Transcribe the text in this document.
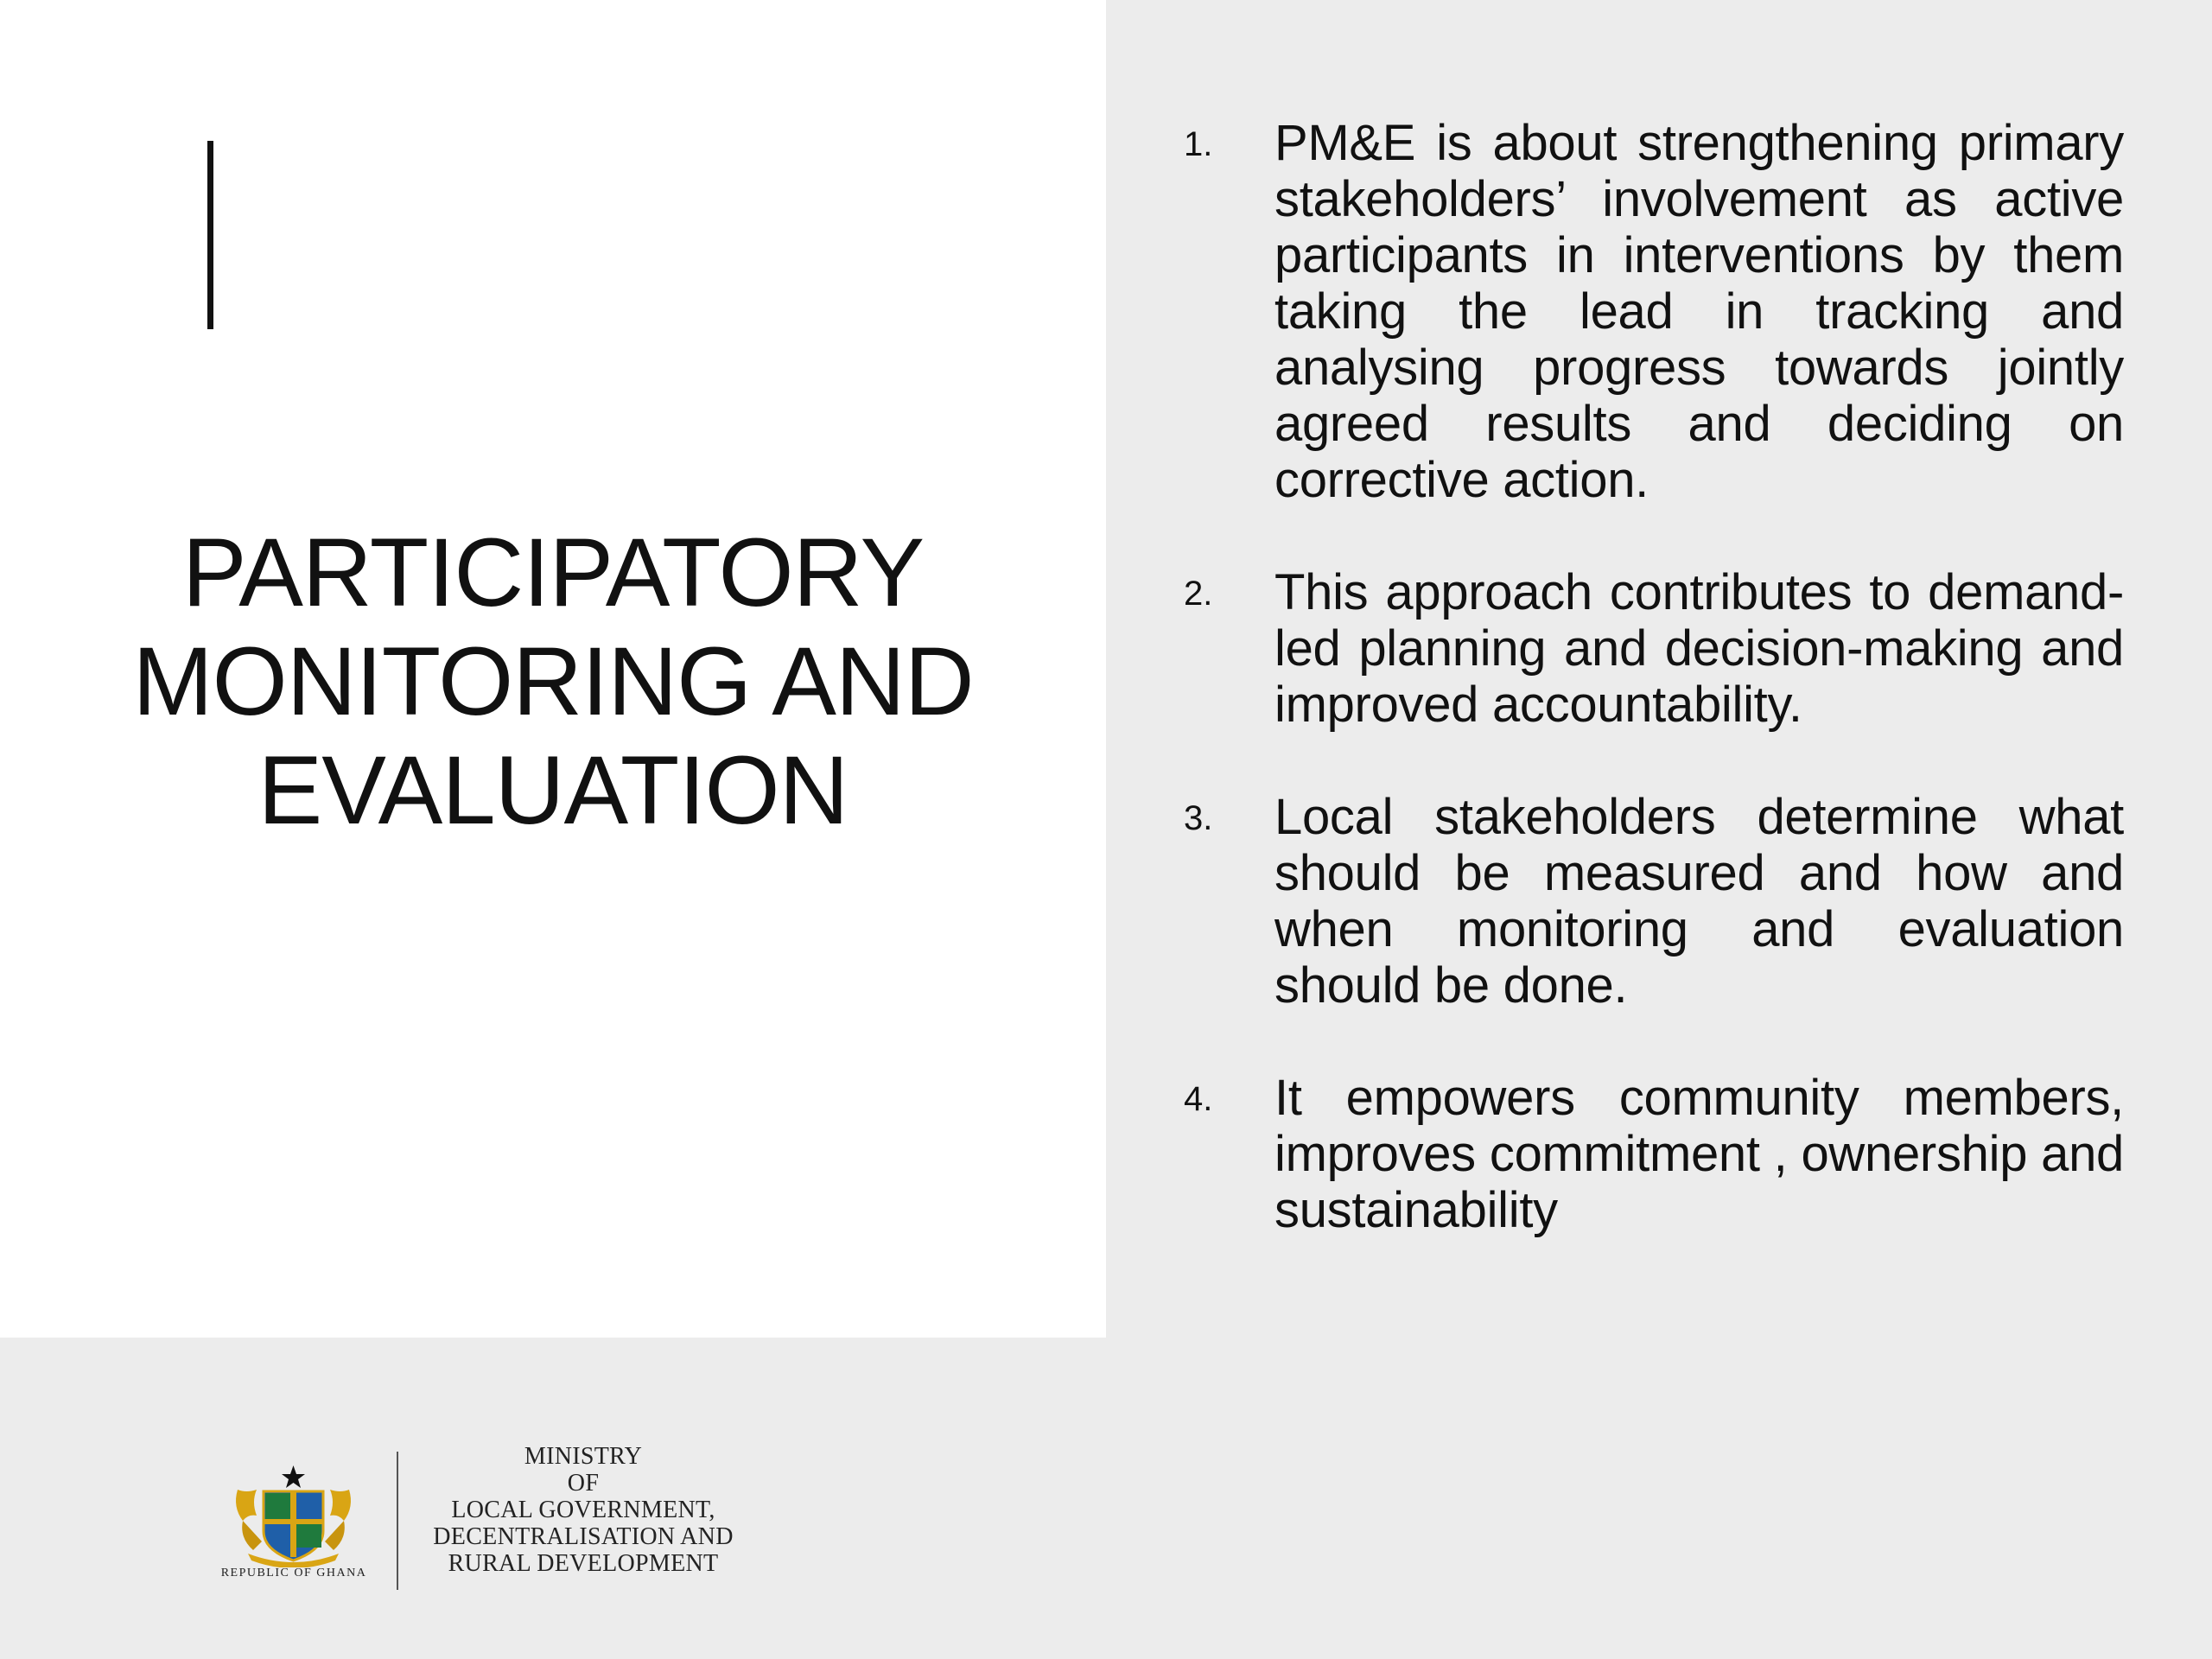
PARTICIPATORY
MONITORING AND
EVALUATION
1. PM&E is about strengthening primary stakeholders’ involvement as active participants in interventions by them taking the lead in tracking and analysing progress towards jointly agreed results and deciding on corrective action.
2. This approach contributes to demand-led planning and decision-making and improved accountability.
3. Local stakeholders determine what should be measured and how and when monitoring and evaluation should be done.
4. It empowers community members, improves commitment , ownership and sustainability
REPUBLIC OF GHANA
MINISTRY
OF
LOCAL GOVERNMENT,
DECENTRALISATION AND
RURAL DEVELOPMENT
